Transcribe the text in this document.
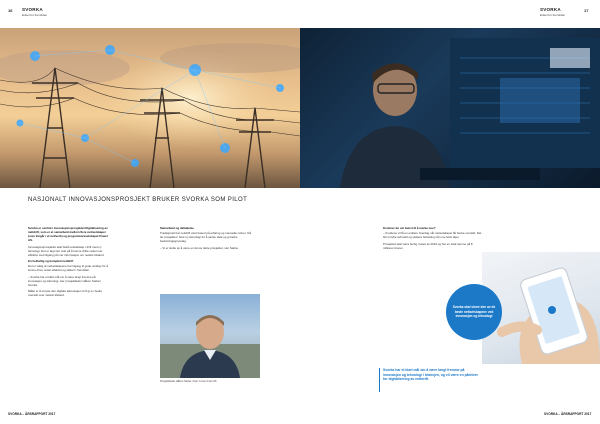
16 SVORKA
Enkel for fremtiden
SVORKA
Enkel for fremtiden
17
NASJONALT INNOVASJONSPROSJEKT BRUKER SVORKA SOM PILOT

Svorka er sentral i innovasjonsprosjektet Digitalisering av nettdrift, som er et samarbeid mellom flere nettselskaper (som inngår i et nettverk) og programvareselskapet Powel AS.

Innovasjonsprosjektet skal bistå nettselskap i drift med ny teknologi. Det er lagt stor vekt på å kunne drifte nettet mer effektivt med tilgang på mer informasjon om nettets tilstand.

En helhetlig og komplett nettdrift

Det er viktig at nettselskapene har tilgang til gode verktøy for å kunne drive nettet effektivt og sikkert i fremtiden.

– Svorka har et klart mål om å være langt fremme på innovasjon og teknologi, sier prosjektleder Håkon Sæbø i Svorka.

Målet er å utnytte den digitale teknologien til å gi en bedre oversikt over nettets tilstand.

Samarbeid og deltakelse

Tradisjonelt har nettdrift vært basert på erfaring og manuelle rutiner. Nå tar prosjektet i bruk ny teknologi for å samle data og gi bedre beslutningsgrunnlag.

– Vi er stolte av å være en del av dette prosjektet, sier Sæbø.

Prosjektleder Håkon Sæbø. Foto: Lorem Foto AS

Kommer du om kunst til å merke noe?

– Kundene vil få en enklere hverdag når nettselskapet får bedre oversikt. Det blir mindre avbrudd og raskere feilretting når noe først skjer.

Prosjektet skal være ferdig i løpet av 2019 og har en total ramme på 8 millioner kroner.

Svorka skal vinne den av de beste nettselskapene ved innovasjon og teknologi
Svorka har et klart mål om å være langt fremme på innovasjon og teknologi i bransjen, og vil være en pådriver for digitalisering av nettdrift.
SVORKA – ÅRSRAPPORT 2017	SVORKA – ÅRSRAPPORT 2017
